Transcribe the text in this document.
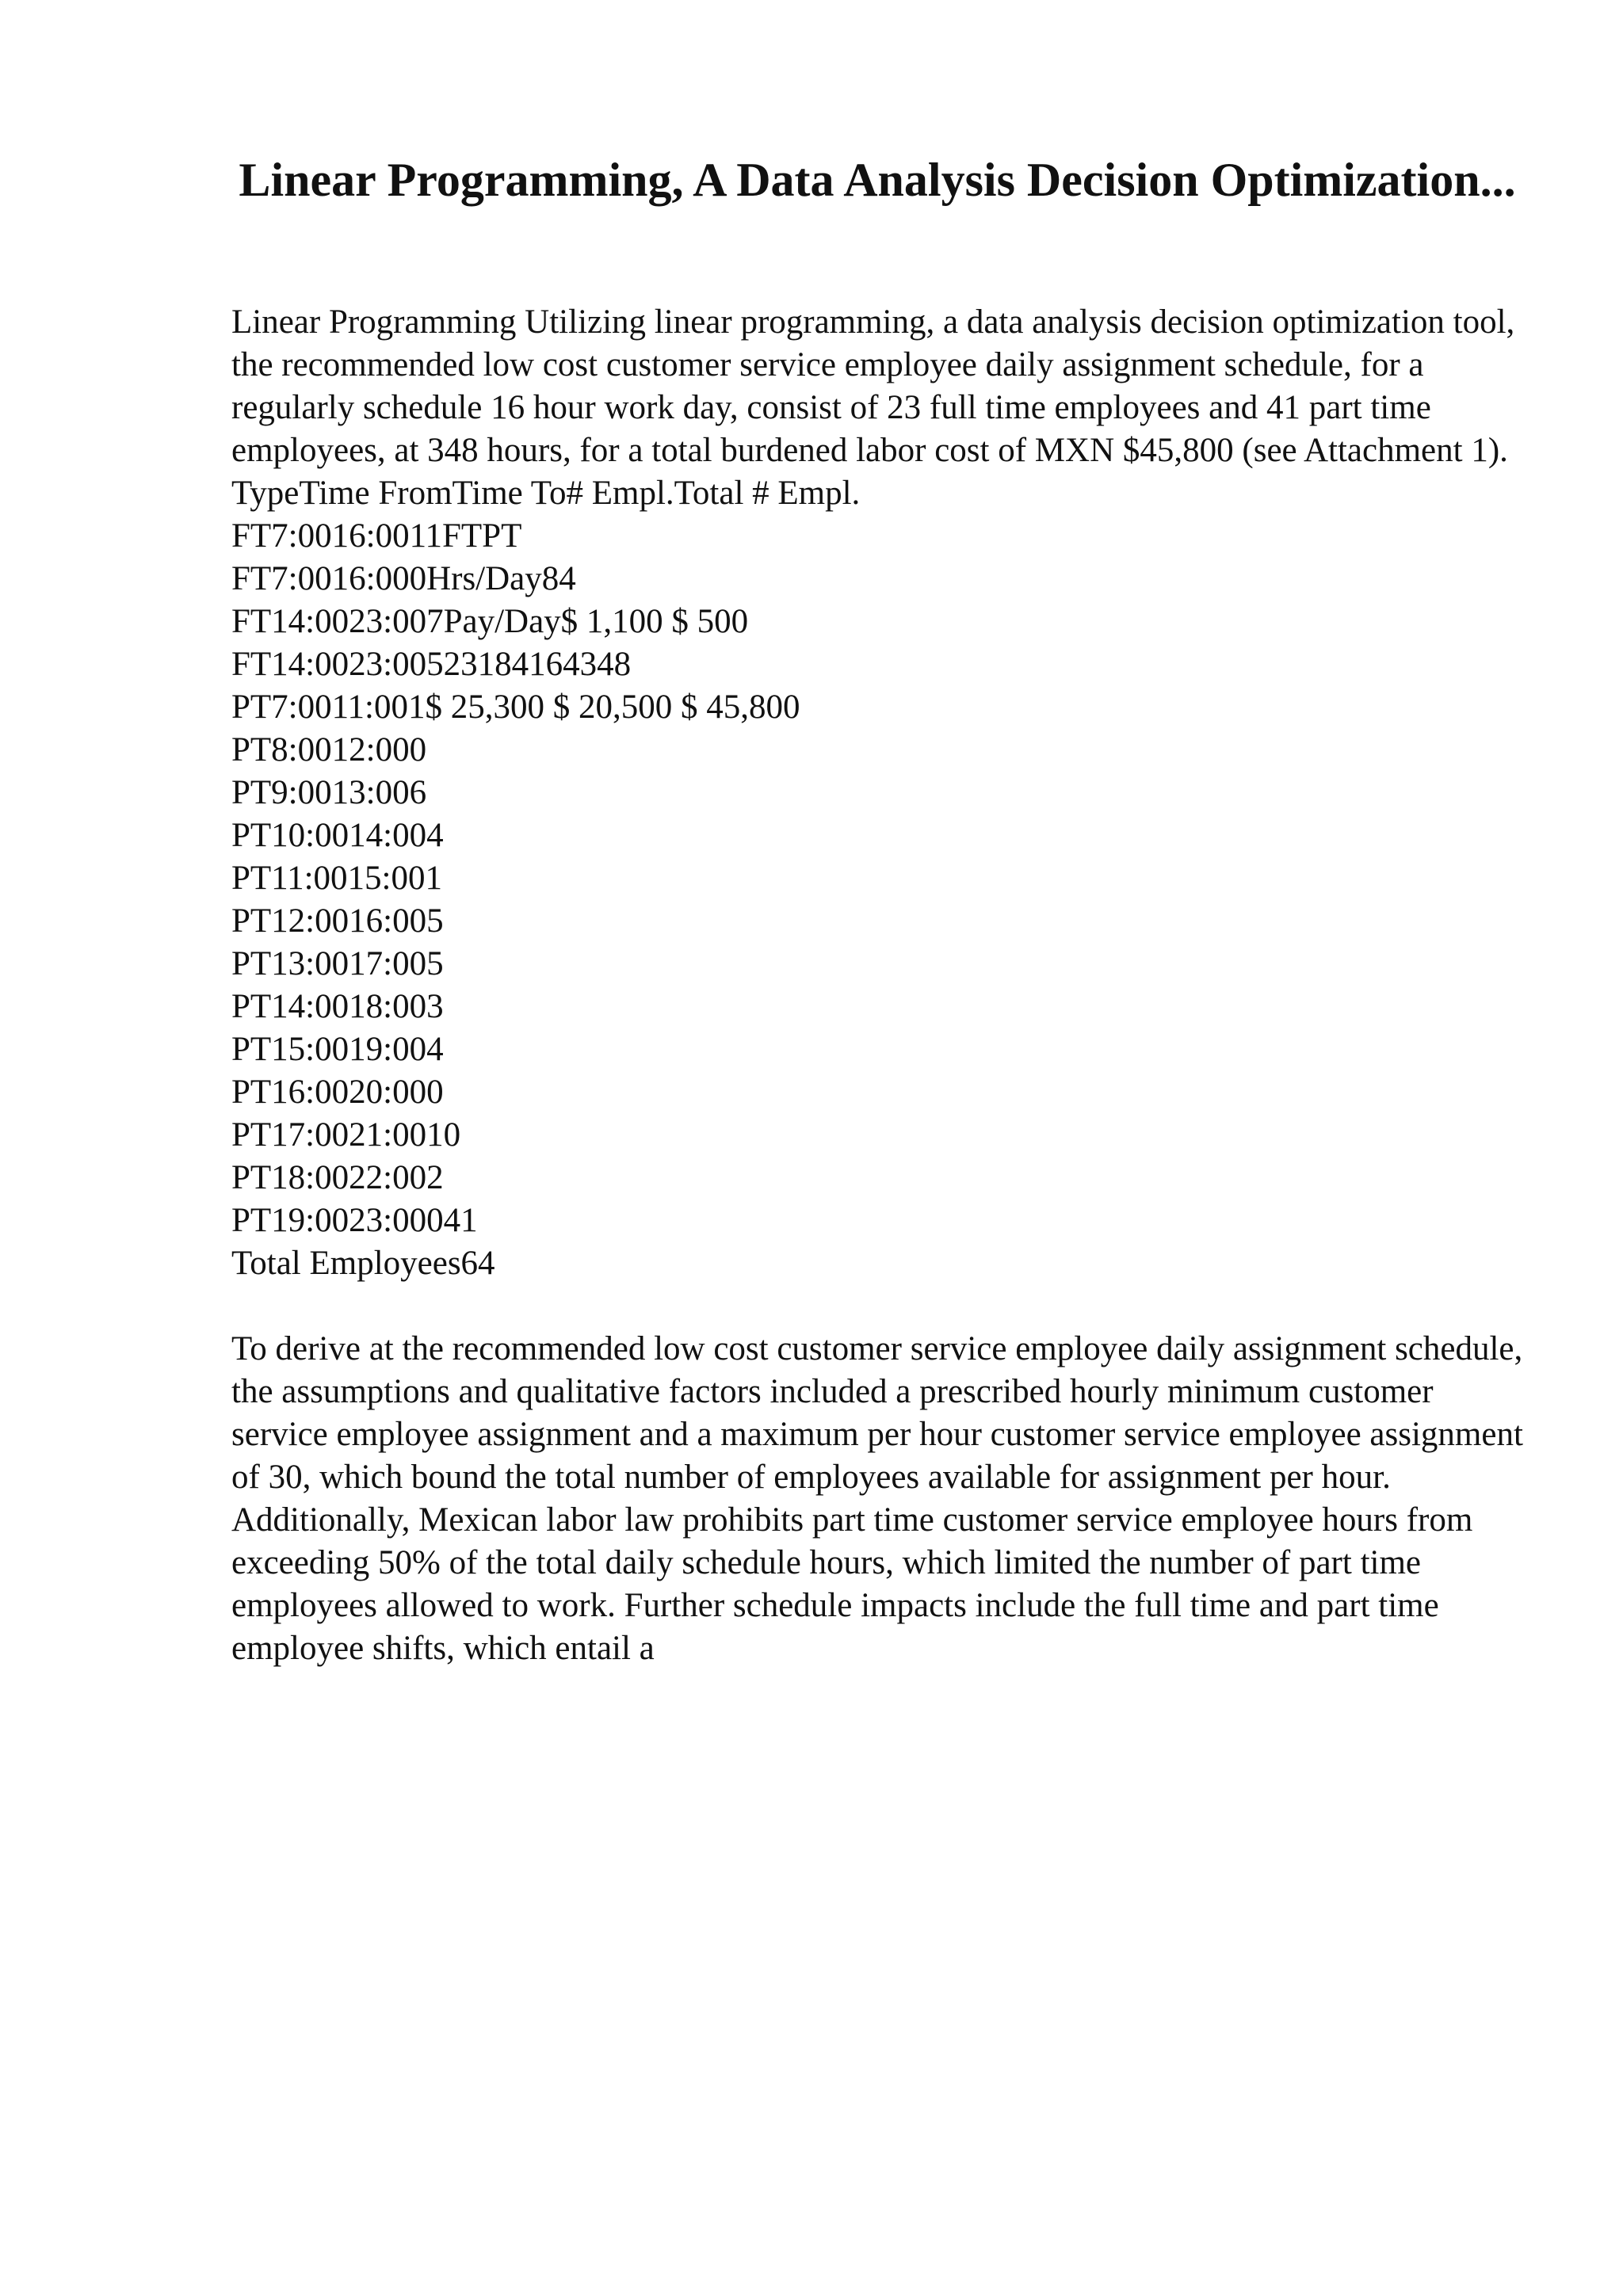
Linear Programming, A Data Analysis Decision Optimization...

Linear Programming Utilizing linear programming, a data analysis decision optimization tool, the recommended low cost customer service employee daily assignment schedule, for a regularly schedule 16 hour work day, consist of 23 full time employees and 41 part time employees, at 348 hours, for a total burdened labor cost of MXN $45,800 (see Attachment 1).

TypeTime FromTime To# Empl.Total # Empl.

FT7:0016:0011FTPT

FT7:0016:000Hrs/Day84

FT14:0023:007Pay/Day$ 1,100 $ 500

FT14:0023:00523184164348

PT7:0011:001$ 25,300 $ 20,500 $ 45,800

PT8:0012:000

PT9:0013:006

PT10:0014:004

PT11:0015:001

PT12:0016:005

PT13:0017:005

PT14:0018:003

PT15:0019:004

PT16:0020:000

PT17:0021:0010

PT18:0022:002

PT19:0023:00041

Total Employees64

To derive at the recommended low cost customer service employee daily assignment schedule, the assumptions and qualitative factors included a prescribed hourly minimum customer service employee assignment and a maximum per hour customer service employee assignment of 30, which bound the total number of employees available for assignment per hour. Additionally, Mexican labor law prohibits part time customer service employee hours from exceeding 50% of the total daily schedule hours, which limited the number of part time employees allowed to work. Further schedule impacts include the full time and part time employee shifts, which entail a
